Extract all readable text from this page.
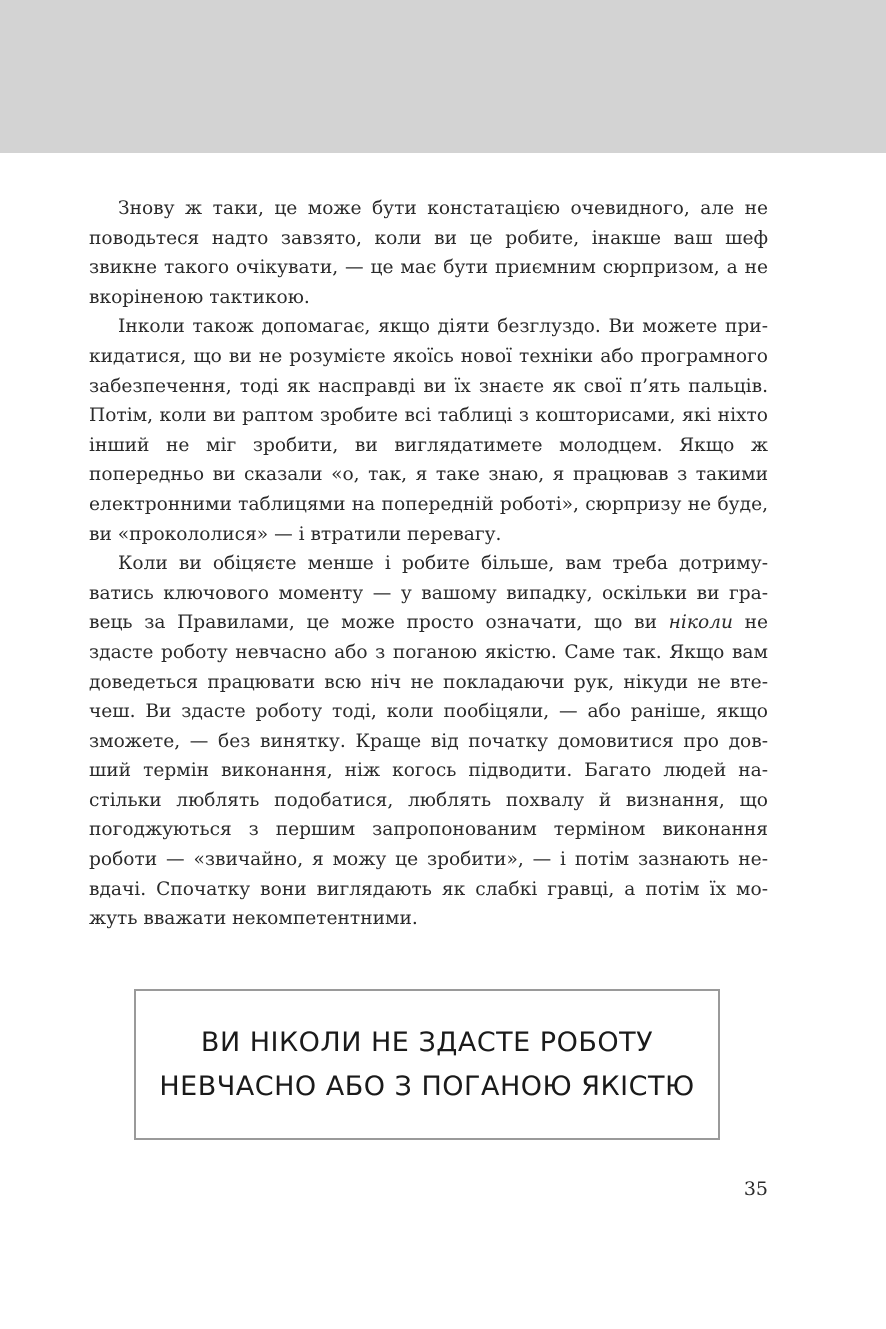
Знову ж таки, це може бути констатацією очевидного, але не поводьтеся надто завзято, коли ви це робите, інакше ваш шеф звикне такого очікувати, — це має бути приємним сюрпризом, а не вкоріненою тактикою.

Інколи також допомагає, якщо діяти безглуздо. Ви можете прикидатися, що ви не розумієте якоїсь нової техніки або програмного забезпечення, тоді як насправді ви їх знаєте як свої п’ять пальців. Потім, коли ви раптом зробите всі таблиці з кошторисами, які ніхто інший не міг зробити, ви виглядатимете молодцем. Якщо ж попередньо ви сказали «о, так, я таке знаю, я працював з такими електронними таблицями на попередній роботі», сюрпризу не буде, ви «прокололися» — і втратили перевагу.

Коли ви обіцяєте менше і робите більше, вам треба дотримуватись ключового моменту — у вашому випадку, оскільки ви гравець за Правилами, це може просто означати, що ви ніколи не здасте роботу невчасно або з поганою якістю. Саме так. Якщо вам доведеться працювати всю ніч не покладаючи рук, нікуди не втечеш. Ви здасте роботу тоді, коли пообіцяли, — або раніше, якщо зможете, — без винятку. Краще від початку домовитися про довший термін виконання, ніж когось підводити. Багато людей настільки люблять подобатися, люблять похвалу й визнання, що погоджуються з першим запропонованим терміном виконання роботи — «звичайно, я можу це зробити», — і потім зазнають невдачі. Спочатку вони виглядають як слабкі гравці, а потім їх можуть вважати некомпетентними.

ВИ НІКОЛИ НЕ ЗДАСТЕ РОБОТУ
НЕВЧАСНО АБО З ПОГАНОЮ ЯКІСТЮ
35
